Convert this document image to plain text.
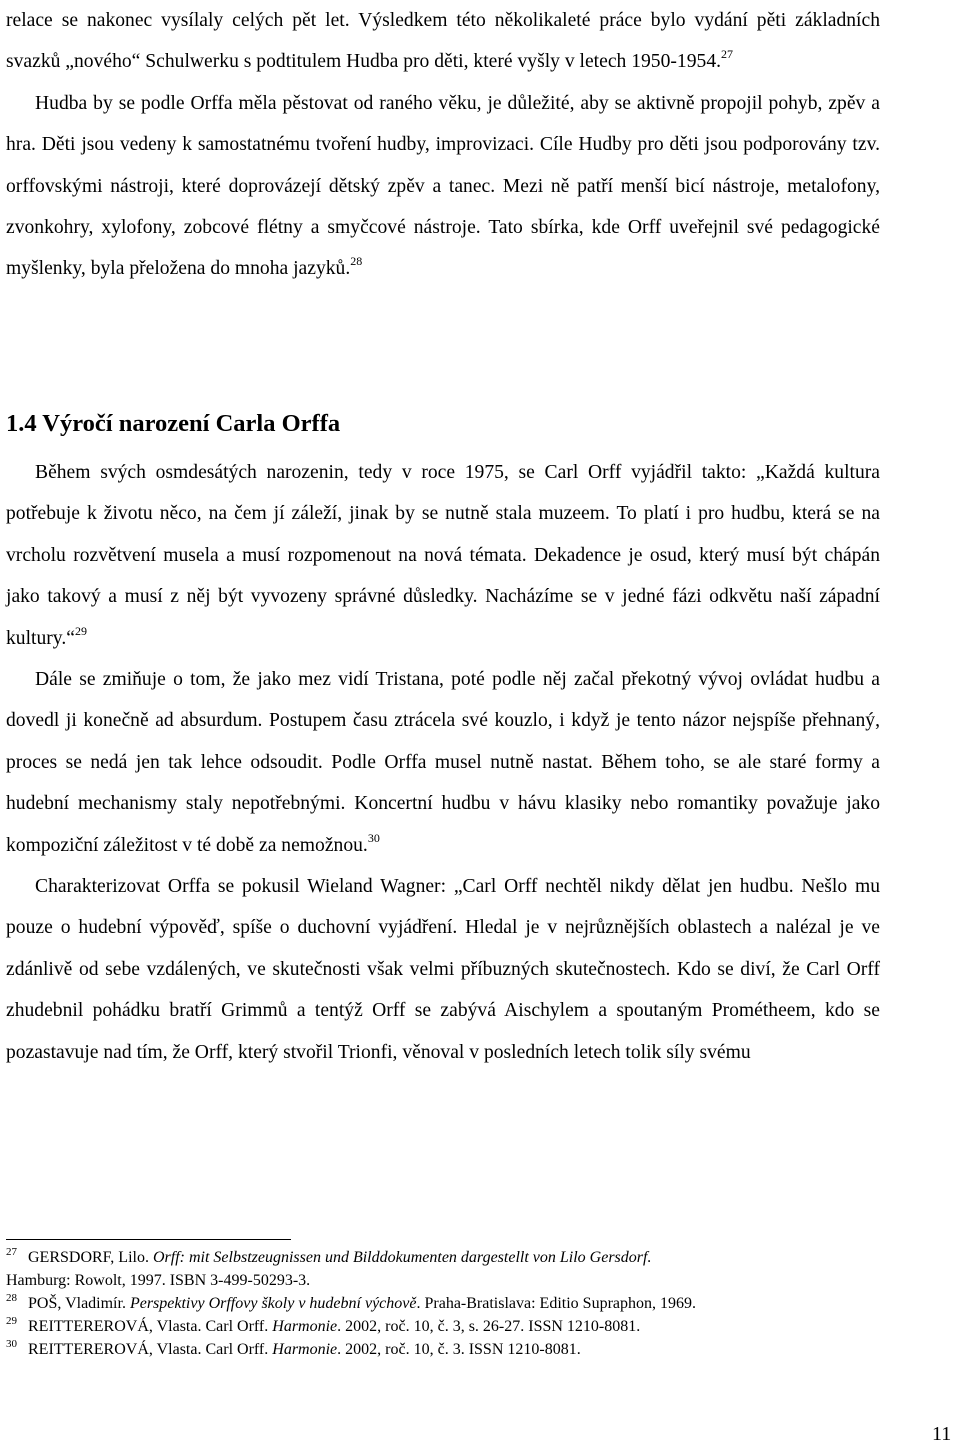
relace se nakonec vysílaly celých pět let. Výsledkem této několikaleté práce bylo vydání pěti základních svazků „nového“ Schulwerku s podtitulem Hudba pro děti, které vyšly v letech 1950-1954.27

Hudba by se podle Orffa měla pěstovat od raného věku, je důležité, aby se aktivně propojil pohyb, zpěv a hra. Děti jsou vedeny k samostatnému tvoření hudby, improvizaci. Cíle Hudby pro děti jsou podporovány tzv. orffovskými nástroji, které doprovázejí dětský zpěv a tanec. Mezi ně patří menší bicí nástroje, metalofony, zvonkohry, xylofony, zobcové flétny a smyčcové nástroje. Tato sbírka, kde Orff uveřejnil své pedagogické myšlenky, byla přeložena do mnoha jazyků.$^{28}$

1.4 Výročí narození Carla Orffa

Během svých osmdesátých narozenin, tedy v roce 1975, se Carl Orff vyjádřil takto: „Každá kultura potřebuje k životu něco, na čem jí záleží, jinak by se nutně stala muzeem. To platí i pro hudbu, která se na vrcholu rozvětvení musela a musí rozpomenout na nová témata. Dekadence je osud, který musí být chápán jako takový a musí z něj být vyvozeny správné důsledky. Nacházíme se v jedné fázi odkvětu naší západní kultury.“$^{29}$

Dále se zmiňuje o tom, že jako mez vidí Tristana, poté podle něj začal překotný vývoj ovládat hudbu a dovedl ji konečně ad absurdum. Postupem času ztrácela své kouzlo, i když je tento názor nejspíše přehnaný, proces se nedá jen tak lehce odsoudit. Podle Orffa musel nutně nastat. Během toho, se ale staré formy a hudební mechanismy staly nepotřebnými. Koncertní hudbu v hávu klasiky nebo romantiky považuje jako kompoziční záležitost v té době za nemožnou.$^{30}$

Charakterizovat Orffa se pokusil Wieland Wagner: „Carl Orff nechtěl nikdy dělat jen hudbu. Nešlo mu pouze o hudební výpověď, spíše o duchovní vyjádření. Hledal je v nejrůznějších oblastech a nalézal je ve zdánlivě od sebe vzdálených, ve skutečnosti však velmi příbuzných skutečnostech. Kdo se diví, že Carl Orff zhudebnil pohádku bratří Grimmů a tentýž Orff se zabývá Aischylem a spoutaným Prométheem, kdo se pozastavuje nad tím, že Orff, který stvořil Trionfi, věnoval v posledních letech tolik síly svému

27 GERSDORF, Lilo. Orff: mit Selbstzeugnissen und Bilddokumenten dargestellt von Lilo Gersdorf.
Hamburg: Rowolt, 1997. ISBN 3-499-50293-3.

28 POŠ, Vladimír. Perspektivy Orffovy školy v hudební výchově. Praha-Bratislava: Editio Supraphon, 1969.

29 REITTEREROVÁ, Vlasta. Carl Orff. Harmonie. 2002, roč. 10, č. 3, s. 26-27. ISSN 1210-8081.

30 REITTEREROVÁ, Vlasta. Carl Orff. Harmonie. 2002, roč. 10, č. 3. ISSN 1210-8081.

11
